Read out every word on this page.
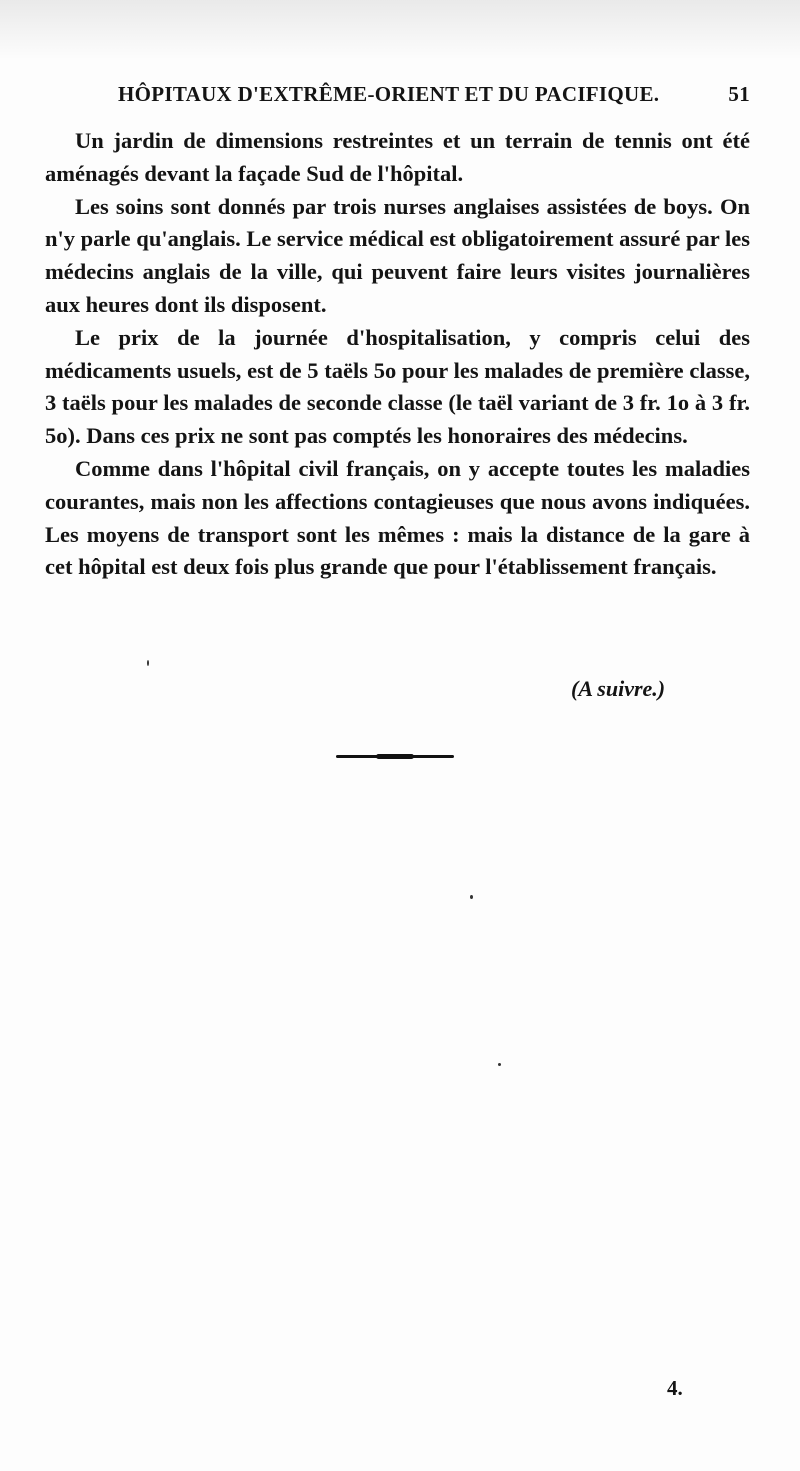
HÔPITAUX D'EXTRÊME-ORIENT ET DU PACIFIQUE.	51

Un jardin de dimensions restreintes et un terrain de tennis ont été aménagés devant la façade Sud de l'hôpital.

Les soins sont donnés par trois nurses anglaises assistées de boys. On n'y parle qu'anglais. Le service médical est obligatoirement assuré par les médecins anglais de la ville, qui peuvent faire leurs visites journalières aux heures dont ils disposent.

Le prix de la journée d'hospitalisation, y compris celui des médicaments usuels, est de 5 taëls 5o pour les malades de première classe, 3 taëls pour les malades de seconde classe (le taël variant de 3 fr. 1o à 3 fr. 5o). Dans ces prix ne sont pas comptés les honoraires des médecins.

Comme dans l'hôpital civil français, on y accepte toutes les maladies courantes, mais non les affections contagieuses que nous avons indiquées. Les moyens de transport sont les mêmes : mais la distance de la gare à cet hôpital est deux fois plus grande que pour l'établissement français.

(A suivre.)
4.
